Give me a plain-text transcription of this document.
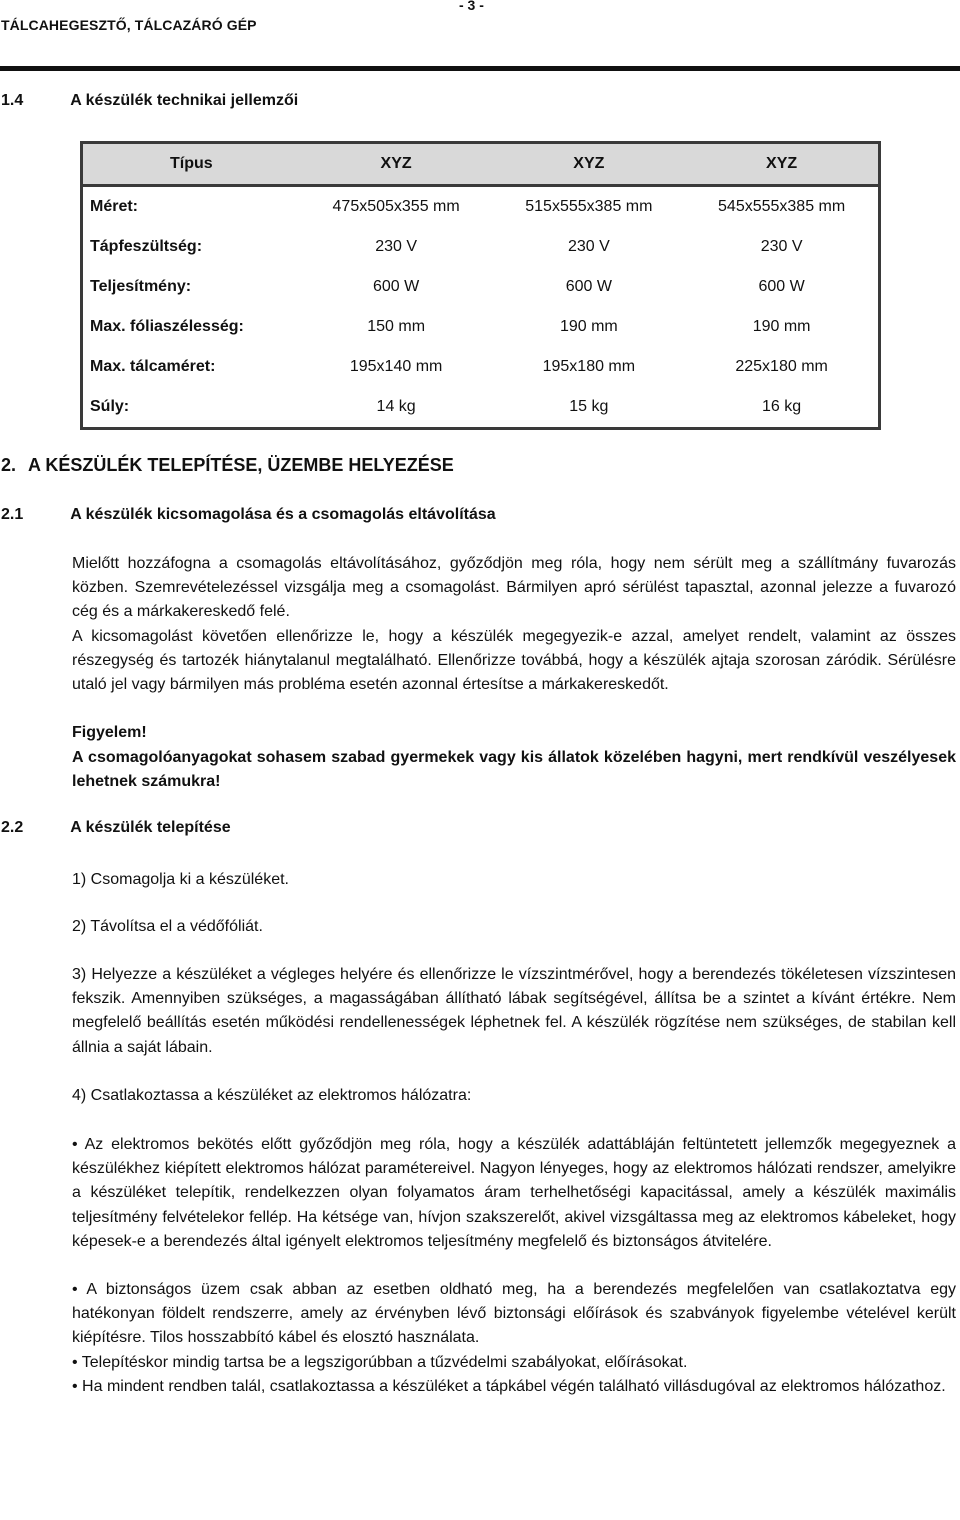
- 3 -
TÁLCAHEGESZTŐ, TÁLCAZÁRÓ GÉP
1.4	A készülék technikai jellemzői
Típus	XYZ	XYZ	XYZ
Méret:	475x505x355 mm	515x555x385 mm	545x555x385 mm
Tápfeszültség:	230 V	230 V	230 V
Teljesítmény:	600 W	600 W	600 W
Max. fóliaszélesség:	150 mm	190 mm	190 mm
Max. tálcaméret:	195x140 mm	195x180 mm	225x180 mm
Súly:	14 kg	15 kg	16 kg
2. A KÉSZÜLÉK TELEPÍTÉSE, ÜZEMBE HELYEZÉSE
2.1	A készülék kicsomagolása és a csomagolás eltávolítása

Mielőtt hozzáfogna a csomagolás eltávolításához, győződjön meg róla, hogy nem sérült meg a szállítmány fuvarozás közben. Szemrevételezéssel vizsgálja meg a csomagolást. Bármilyen apró sérülést tapasztal, azonnal jelezze a fuvarozó cég és a márkakereskedő felé.

A kicsomagolást követően ellenőrizze le, hogy a készülék megegyezik-e azzal, amelyet rendelt, valamint az összes részegység és tartozék hiánytalanul megtalálható. Ellenőrizze továbbá, hogy a készülék ajtaja szorosan záródik. Sérülésre utaló jel vagy bármilyen más probléma esetén azonnal értesítse a márkakereskedőt.

Figyelem!

A csomagolóanyagokat sohasem szabad gyermekek vagy kis állatok közelében hagyni, mert rendkívül veszélyesek lehetnek számukra!

2.2	A készülék telepítése

1) Csomagolja ki a készüléket.

2) Távolítsa el a védőfóliát.

3) Helyezze a készüléket a végleges helyére és ellenőrizze le vízszintmérővel, hogy a berendezés tökéletesen vízszintesen fekszik. Amennyiben szükséges, a magasságában állítható lábak segítségével, állítsa be a szintet a kívánt értékre. Nem megfelelő beállítás esetén működési rendellenességek léphetnek fel. A készülék rögzítése nem szükséges, de stabilan kell állnia a saját lábain.

4) Csatlakoztassa a készüléket az elektromos hálózatra:

• Az elektromos bekötés előtt győződjön meg róla, hogy a készülék adattábláján feltüntetett jellemzők megegyeznek a készülékhez kiépített elektromos hálózat paramétereivel. Nagyon lényeges, hogy az elektromos hálózati rendszer, amelyikre a készüléket telepítik, rendelkezzen olyan folyamatos áram terhelhetőségi kapacitással, amely a készülék maximális teljesítmény felvételekor fellép. Ha kétsége van, hívjon szakszerelőt, akivel vizsgáltassa meg az elektromos kábeleket, hogy képesek-e a berendezés által igényelt elektromos teljesítmény megfelelő és biztonságos átvitelére.

• A biztonságos üzem csak abban az esetben oldható meg, ha a berendezés megfelelően van csatlakoztatva egy hatékonyan földelt rendszerre, amely az érvényben lévő biztonsági előírások és szabványok figyelembe vételével került kiépítésre. Tilos hosszabbító kábel és elosztó használata.

• Telepítéskor mindig tartsa be a legszigorúbban a tűzvédelmi szabályokat, előírásokat.

• Ha mindent rendben talál, csatlakoztassa a készüléket a tápkábel végén található villásdugóval az elektromos hálózathoz.
